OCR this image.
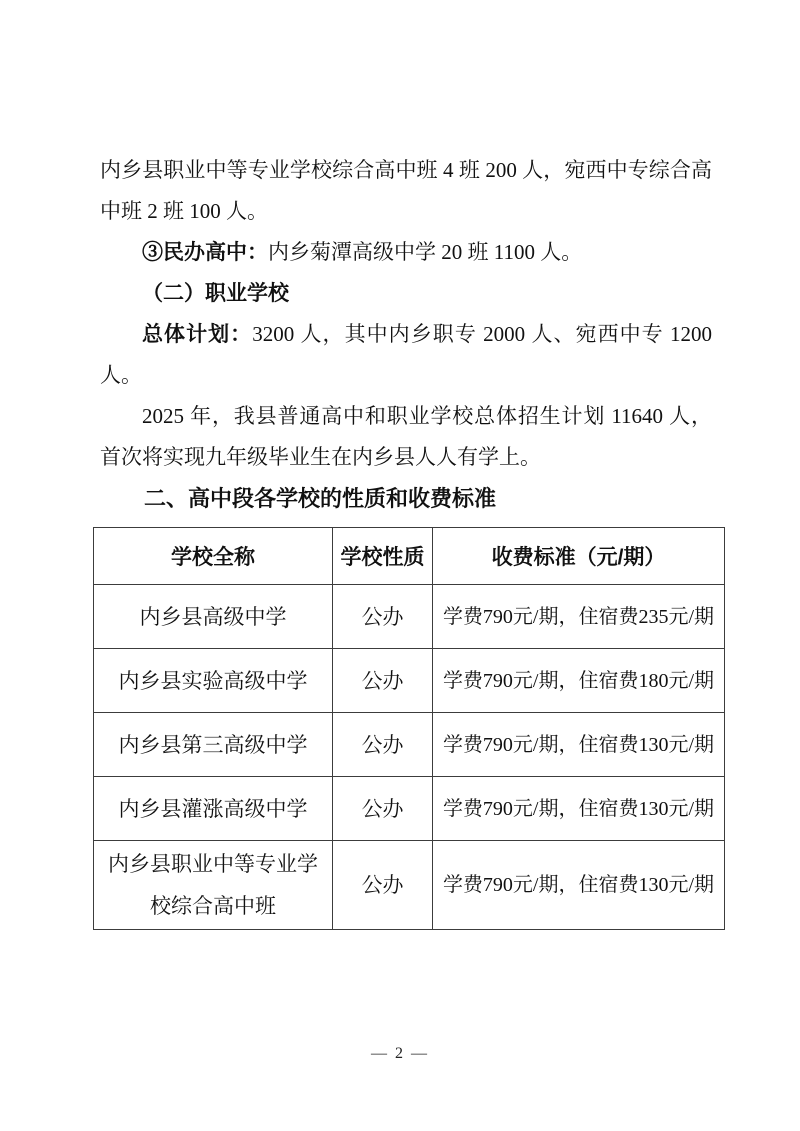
内乡县职业中等专业学校综合高中班 4 班 200 人，宛西中专综合高中班 2 班 100 人。

③民办高中：内乡菊潭高级中学 20 班 1100 人。

（二）职业学校

总体计划：3200 人，其中内乡职专 2000 人、宛西中专 1200 人。

2025 年，我县普通高中和职业学校总体招生计划 11640 人，首次将实现九年级毕业生在内乡县人人有学上。

二、高中段各学校的性质和收费标准
学校全称	学校性质	收费标准（元/期）
内乡县高级中学	公办	学费790元/期，住宿费235元/期
内乡县实验高级中学	公办	学费790元/期，住宿费180元/期
内乡县第三高级中学	公办	学费790元/期，住宿费130元/期
内乡县灌涨高级中学	公办	学费790元/期，住宿费130元/期
内乡县职业中等专业学校综合高中班	公办	学费790元/期，住宿费130元/期
— 2 —
